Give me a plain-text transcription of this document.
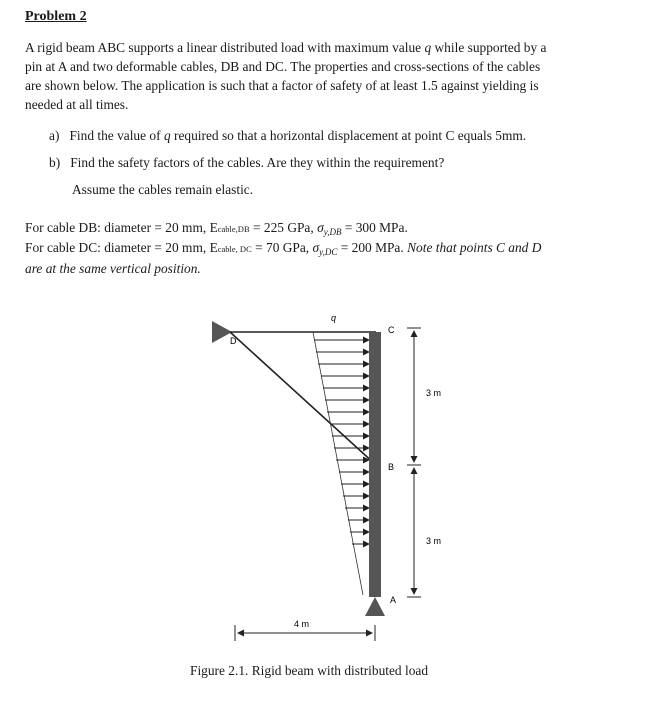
Problem 2
A rigid beam ABC supports a linear distributed load with maximum value q while supported by a
pin at A and two deformable cables, DB and DC. The properties and cross-sections of the cables
are shown below. The application is such that a factor of safety of at least 1.5 against yielding is
needed at all times.
a) Find the value of q required so that a horizontal displacement at point C equals 5mm.
b) Find the safety factors of the cables. Are they within the requirement?
Assume the cables remain elastic.
For cable DB: diameter = 20 mm, Ecable,DB = 225 GPa, $\sigma_{y,DB} = 300$ MPa.
For cable DC: diameter = 20 mm, Ecable, DC = 70 GPa, $\sigma_{y,DC} = 200$ MPa. Note that points C and D
are at the same vertical position.
D
q
C
B
A
3 m
3 m
4 m
Figure 2.1. Rigid beam with distributed load
